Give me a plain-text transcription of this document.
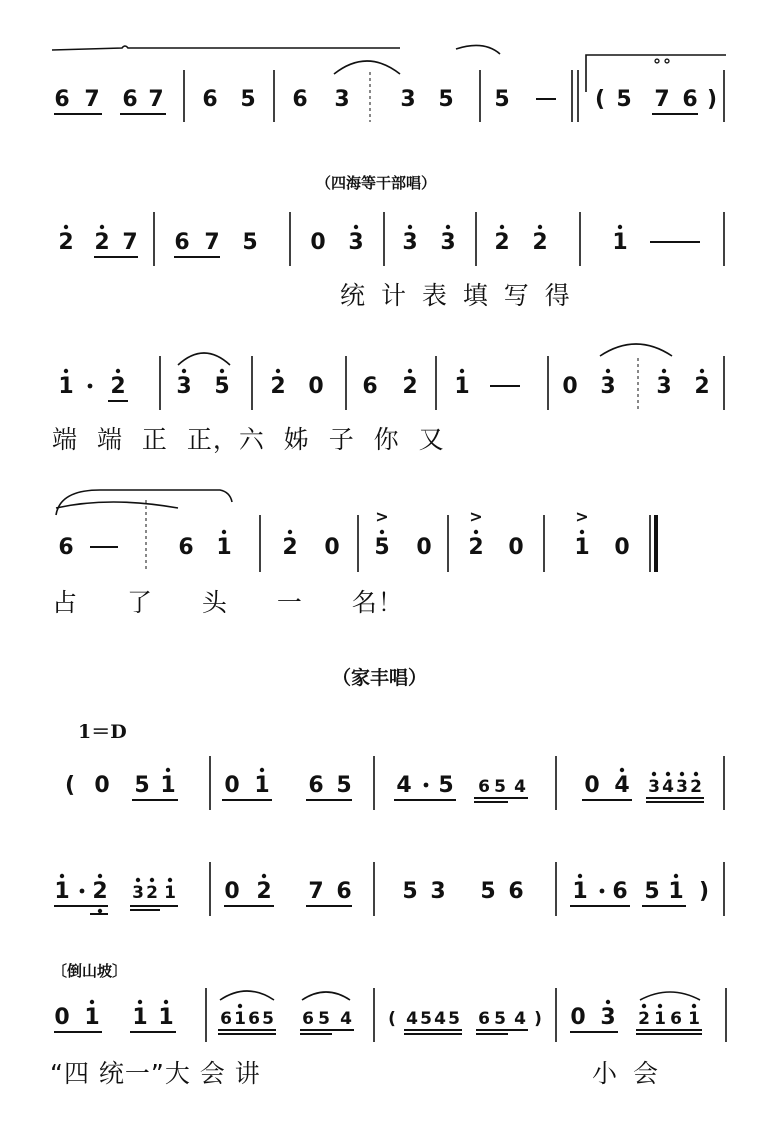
6 7 6 7 6 5 6 3 3 5 5
∘∘
( 5 7 6 )
2 2 7 6 7 5 0 3 3 3 2 2	1
1 2 3 5 2 0 6 2 1	0 3 3 2
6	6 1 2 0
>
5 0
>
2 0
>
1 0
( 0 5 1 0 1 6 5 4 5 6 5 4	0 4 3 4 3 2
1 2 3 2 1 0 2 7 6 5 3 5 6 1 6 5 1 )
0 1 1 1	6 1 6 5 6 5 4 ( 4 5 4 5 6 5 4 ) 0 3 2 1 6 1
（四海等干部唱）
统 计 表 填 写 得
端 端 正 正，六 姊 子 你 又
占 了 头 一 名！
（家丰唱）
1＝D
〔倒山坡〕
“四 统一”大 会 讲	小 会
